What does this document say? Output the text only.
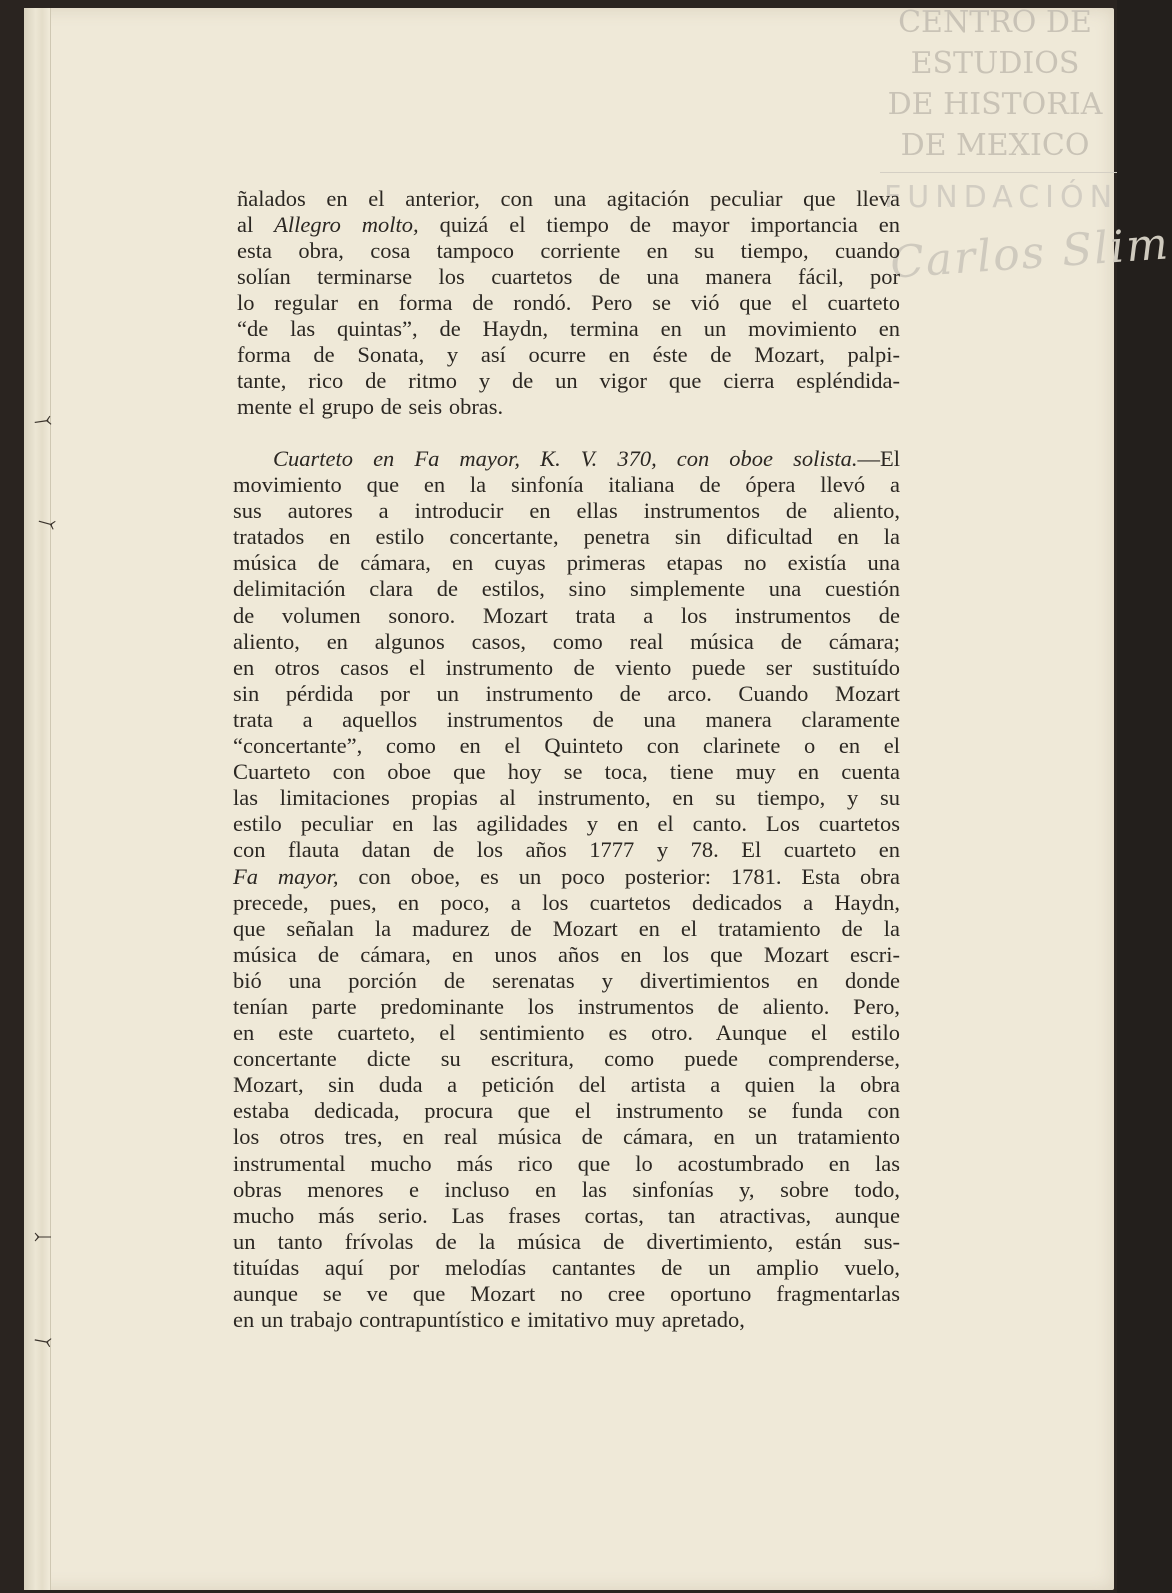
⤙
⤙
⤚
⤙
CENTRO DE
ESTUDIOS
DE HISTORIA
DE MEXICO
FUNDACIÓN
Carlos Slim
ñalados en el anterior, con una agitación peculiar que lleva
al Allegro molto, quizá el tiempo de mayor importancia en
esta obra, cosa tampoco corriente en su tiempo, cuando
solían terminarse los cuartetos de una manera fácil, por
lo regular en forma de rondó. Pero se vió que el cuarteto
“de las quintas”, de Haydn, termina en un movimiento en
forma de Sonata, y así ocurre en éste de Mozart, palpi-
tante, rico de ritmo y de un vigor que cierra espléndida-
mente el grupo de seis obras.
Cuarteto en Fa mayor, K. V. 370, con oboe solista.—El
movimiento que en la sinfonía italiana de ópera llevó a
sus autores a introducir en ellas instrumentos de aliento,
tratados en estilo concertante, penetra sin dificultad en la
música de cámara, en cuyas primeras etapas no existía una
delimitación clara de estilos, sino simplemente una cuestión
de volumen sonoro. Mozart trata a los instrumentos de
aliento, en algunos casos, como real música de cámara;
en otros casos el instrumento de viento puede ser sustituído
sin pérdida por un instrumento de arco. Cuando Mozart
trata a aquellos instrumentos de una manera claramente
“concertante”, como en el Quinteto con clarinete o en el
Cuarteto con oboe que hoy se toca, tiene muy en cuenta
las limitaciones propias al instrumento, en su tiempo, y su
estilo peculiar en las agilidades y en el canto. Los cuartetos
con flauta datan de los años 1777 y 78. El cuarteto en
Fa mayor, con oboe, es un poco posterior: 1781. Esta obra
precede, pues, en poco, a los cuartetos dedicados a Haydn,
que señalan la madurez de Mozart en el tratamiento de la
música de cámara, en unos años en los que Mozart escri-
bió una porción de serenatas y divertimientos en donde
tenían parte predominante los instrumentos de aliento. Pero,
en este cuarteto, el sentimiento es otro. Aunque el estilo
concertante dicte su escritura, como puede comprenderse,
Mozart, sin duda a petición del artista a quien la obra
estaba dedicada, procura que el instrumento se funda con
los otros tres, en real música de cámara, en un tratamiento
instrumental mucho más rico que lo acostumbrado en las
obras menores e incluso en las sinfonías y, sobre todo,
mucho más serio. Las frases cortas, tan atractivas, aunque
un tanto frívolas de la música de divertimiento, están sus-
tituídas aquí por melodías cantantes de un amplio vuelo,
aunque se ve que Mozart no cree oportuno fragmentarlas
en un trabajo contrapuntístico e imitativo muy apretado,
